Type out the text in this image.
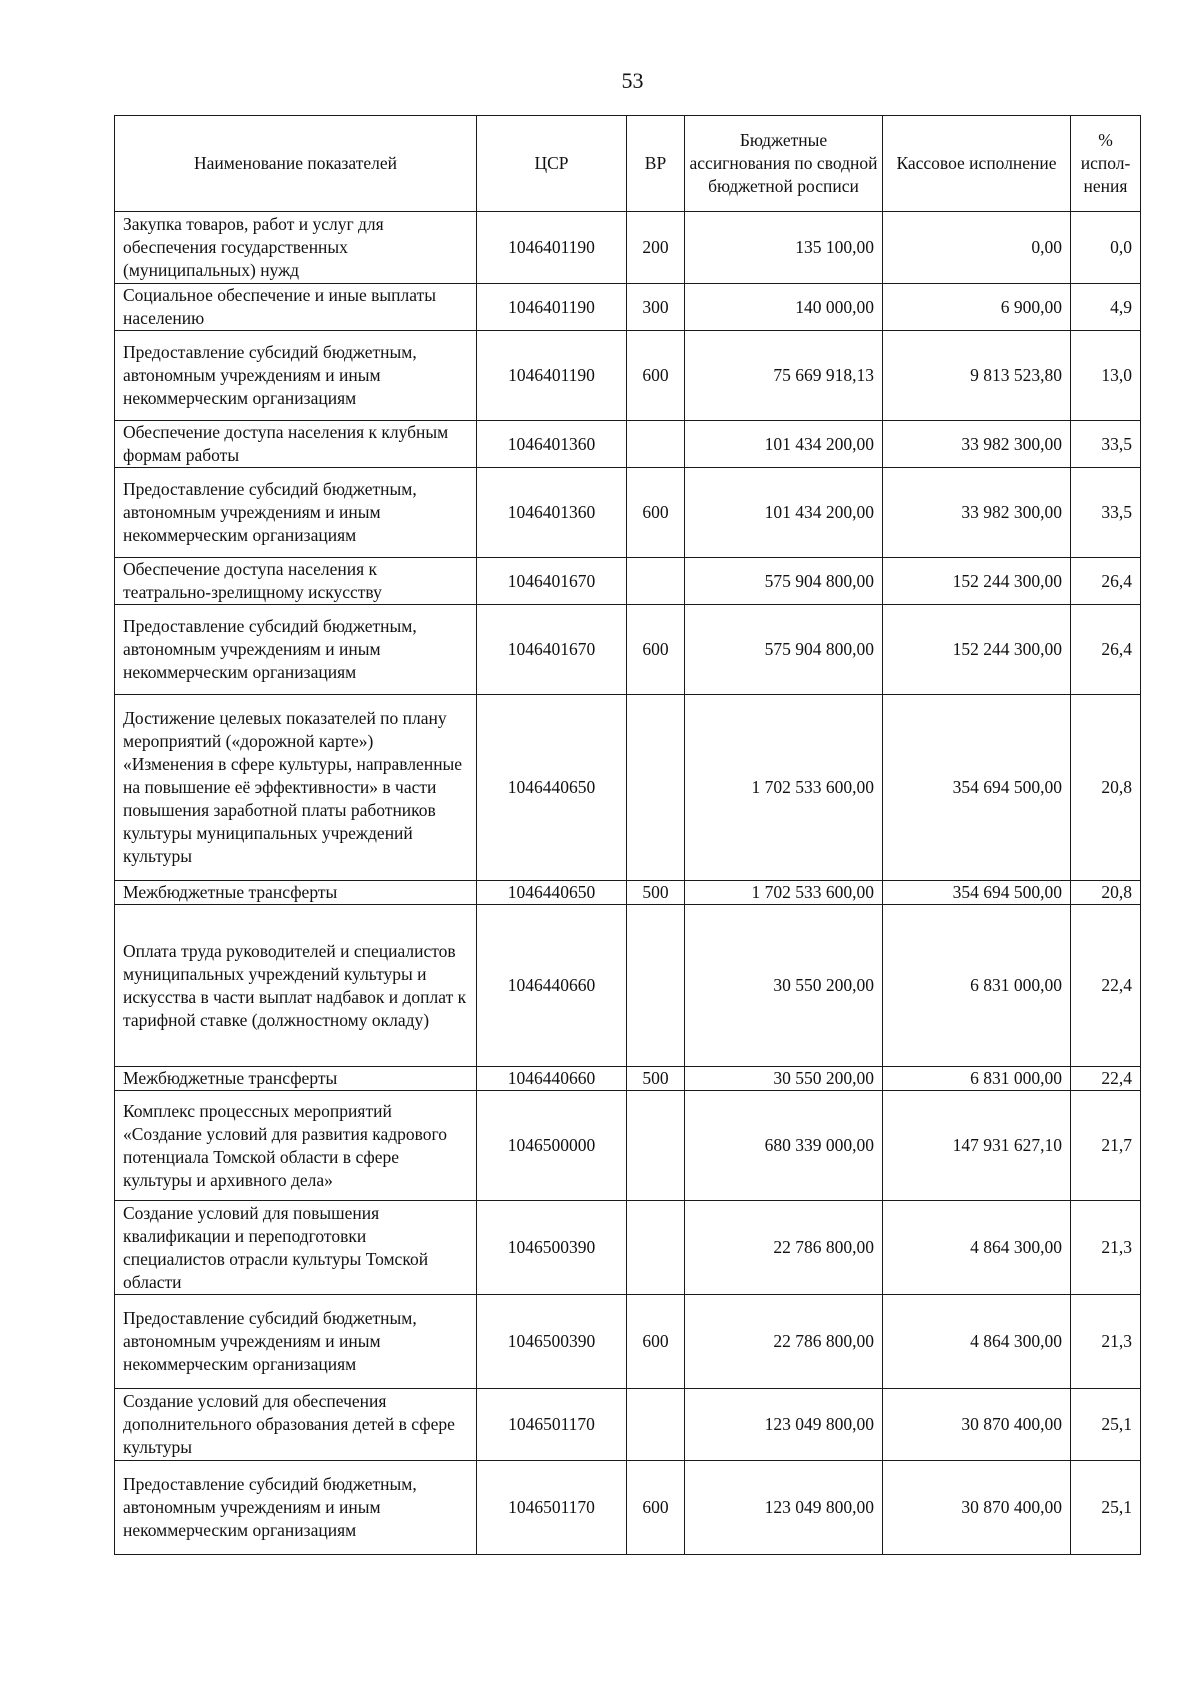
53
Наименование показателей	ЦСР	ВР	Бюджетные ассигнования по сводной бюджетной росписи	Кассовое исполнение	% испол-нения
Закупка товаров, работ и услуг для обеспечения государственных (муниципальных) нужд	1046401190	200	135 100,00	0,00	0,0
Социальное обеспечение и иные выплаты населению	1046401190	300	140 000,00	6 900,00	4,9
Предоставление субсидий бюджетным, автономным учреждениям и иным некоммерческим организациям	1046401190	600	75 669 918,13	9 813 523,80	13,0
Обеспечение доступа населения к клубным формам работы	1046401360		101 434 200,00	33 982 300,00	33,5
Предоставление субсидий бюджетным, автономным учреждениям и иным некоммерческим организациям	1046401360	600	101 434 200,00	33 982 300,00	33,5
Обеспечение доступа населения к театрально-зрелищному искусству	1046401670		575 904 800,00	152 244 300,00	26,4
Предоставление субсидий бюджетным, автономным учреждениям и иным некоммерческим организациям	1046401670	600	575 904 800,00	152 244 300,00	26,4
Достижение целевых показателей по плану мероприятий («дорожной карте») «Изменения в сфере культуры, направленные на повышение её эффективности» в части повышения заработной платы работников культуры муниципальных учреждений культуры	1046440650		1 702 533 600,00	354 694 500,00	20,8
Межбюджетные трансферты	1046440650	500	1 702 533 600,00	354 694 500,00	20,8
Оплата труда руководителей и специалистов муниципальных учреждений культуры и искусства в части выплат надбавок и доплат к тарифной ставке (должностному окладу)	1046440660		30 550 200,00	6 831 000,00	22,4
Межбюджетные трансферты	1046440660	500	30 550 200,00	6 831 000,00	22,4
Комплекс процессных мероприятий «Создание условий для развития кадрового потенциала Томской области в сфере культуры и архивного дела»	1046500000		680 339 000,00	147 931 627,10	21,7
Создание условий для повышения квалификации и переподготовки специалистов отрасли культуры Томской области	1046500390		22 786 800,00	4 864 300,00	21,3
Предоставление субсидий бюджетным, автономным учреждениям и иным некоммерческим организациям	1046500390	600	22 786 800,00	4 864 300,00	21,3
Создание условий для обеспечения дополнительного образования детей в сфере культуры	1046501170		123 049 800,00	30 870 400,00	25,1
Предоставление субсидий бюджетным, автономным учреждениям и иным некоммерческим организациям	1046501170	600	123 049 800,00	30 870 400,00	25,1
